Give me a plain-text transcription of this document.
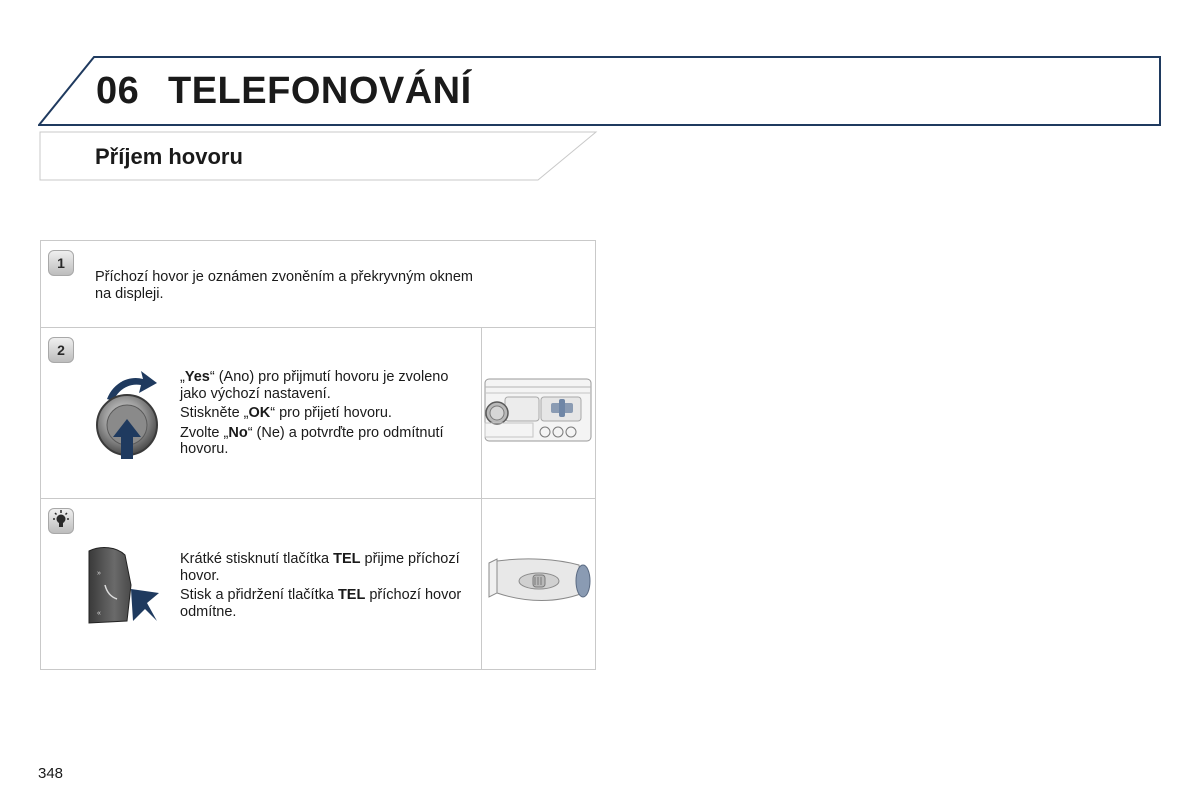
06 TELEFONOVÁNÍ
Příjem hovoru
1
Příchozí hovor je oznámen zvoněním a překryvným oknem na displeji.
2

„Yes“ (Ano) pro přijmutí hovoru je zvoleno jako výchozí nastavení.

Stiskněte „OK“ pro přijetí hovoru.

Zvolte „No“ (Ne) a potvrďte pro odmítnutí hovoru.

»
«

Krátké stisknutí tlačítka TEL přijme příchozí hovor.

Stisk a přidržení tlačítka TEL příchozí hovor odmítne.

348
